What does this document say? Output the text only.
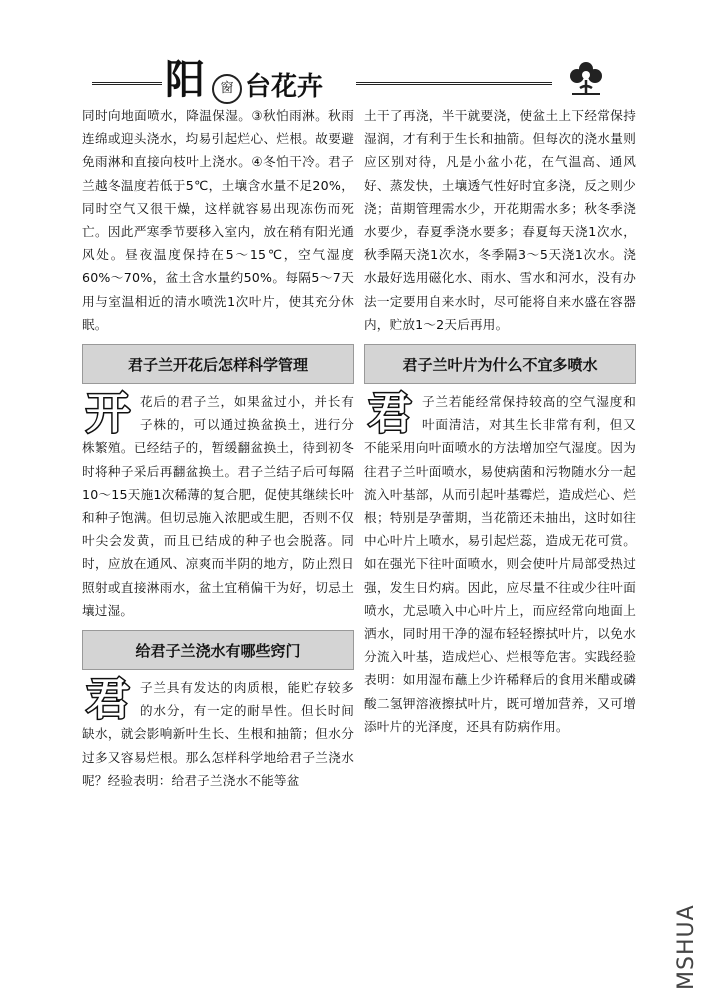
阳	窗 台花卉

同时向地面喷水，降温保湿。③秋怕雨淋。秋雨连绵或迎头浇水，均易引起烂心、烂根。故要避免雨淋和直接向枝叶上浇水。④冬怕干冷。君子兰越冬温度若低于5℃，土壤含水量不足20%，同时空气又很干燥，这样就容易出现冻伤而死亡。因此严寒季节要移入室内，放在稍有阳光通风处。昼夜温度保持在5～15℃，空气湿度60%～70%，盆土含水量约50%。每隔5～7天用与室温相近的清水喷洗1次叶片，使其充分休眠。

君子兰开花后怎样科学管理
开 花后的君子兰，如果盆过小，并长有子株的，可以通过换盆换土，进行分株繁殖。已经结子的，暂缓翻盆换土，待到初冬时将种子采后再翻盆换土。君子兰结子后可每隔10～15天施1次稀薄的复合肥，促使其继续长叶和种子饱满。但切忌施入浓肥或生肥，否则不仅叶尖会发黄，而且已结成的种子也会脱落。同时，应放在通风、凉爽而半阴的地方，防止烈日照射或直接淋雨水，盆土宜稍偏干为好，切忌土壤过湿。

给君子兰浇水有哪些窍门
君 子兰具有发达的肉质根，能贮存较多的水分，有一定的耐旱性。但长时间缺水，就会影响新叶生长、生根和抽箭；但水分过多又容易烂根。那么怎样科学地给君子兰浇水呢？经验表明：给君子兰浇水不能等盆

土干了再浇，半干就要浇，使盆土上下经常保持湿润，才有利于生长和抽箭。但每次的浇水量则应区别对待，凡是小盆小花，在气温高、通风好、蒸发快，土壤透气性好时宜多浇，反之则少浇；苗期管理需水少，开花期需水多；秋冬季浇水要少，春夏季浇水要多；春夏每天浇1次水，秋季隔天浇1次水，冬季隔3～5天浇1次水。浇水最好选用磁化水、雨水、雪水和河水，没有办法一定要用自来水时，尽可能将自来水盛在容器内，贮放1～2天后再用。

君子兰叶片为什么不宜多喷水
君 子兰若能经常保持较高的空气湿度和叶面清洁，对其生长非常有利，但又不能采用向叶面喷水的方法增加空气湿度。因为往君子兰叶面喷水，易使病菌和污物随水分一起流入叶基部，从而引起叶基霉烂，造成烂心、烂根；特别是孕蕾期，当花箭还未抽出，这时如往中心叶片上喷水，易引起烂蕊，造成无花可赏。如在强光下往叶面喷水，则会使叶片局部受热过强，发生日灼病。因此，应尽量不往或少往叶面喷水，尤忌喷入中心叶片上，而应经常向地面上洒水，同时用干净的湿布轻轻擦拭叶片，以免水分流入叶基，造成烂心、烂根等危害。实践经验表明：如用湿布蘸上少许稀释后的食用米醋或磷酸二氢钾溶液擦拭叶片，既可增加营养，又可增添叶片的光泽度，还具有防病作用。

MSHUA
